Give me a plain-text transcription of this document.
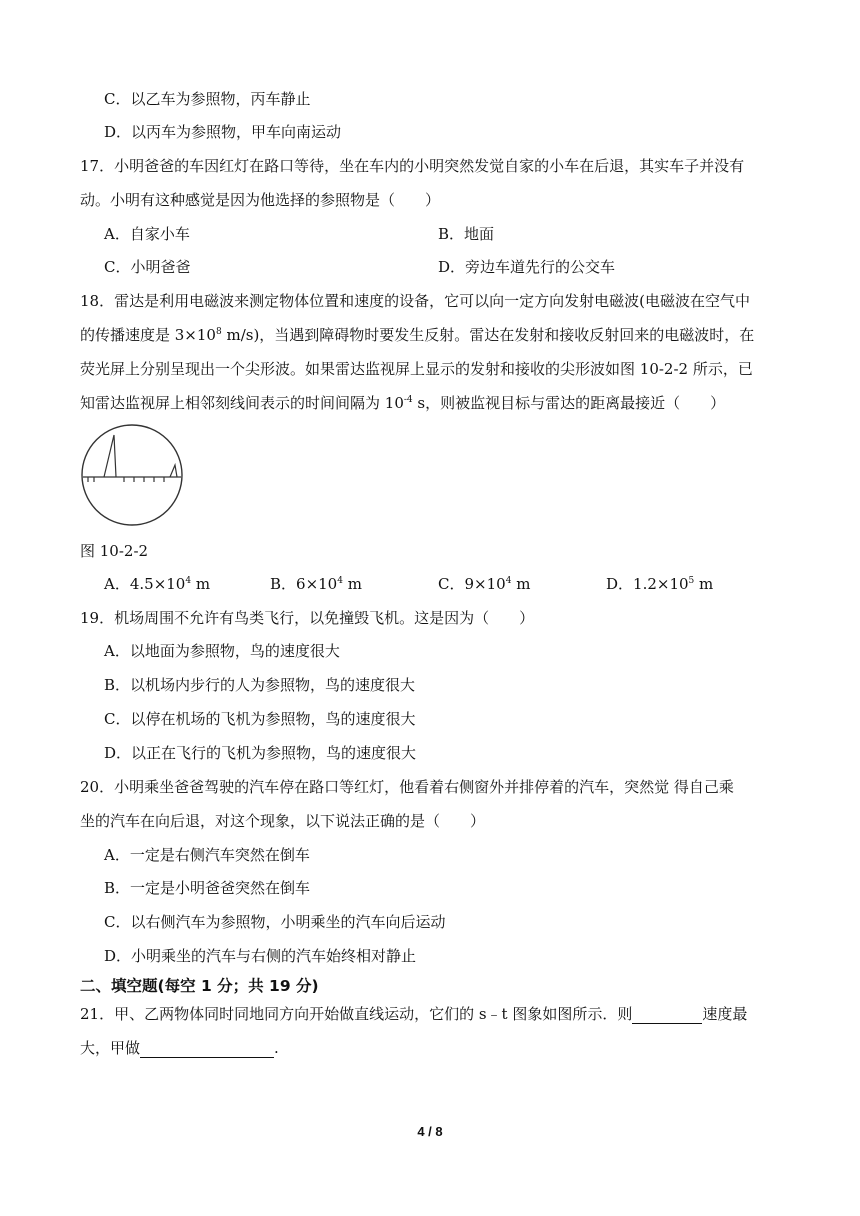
C．以乙车为参照物，丙车静止
D．以丙车为参照物，甲车向南运动
17．小明爸爸的车因红灯在路口等待，坐在车内的小明突然发觉自家的小车在后退，其实车子并没有
动。小明有这种感觉是因为他选择的参照物是（　　）
A．自家小车	B．地面
C．小明爸爸	D．旁边车道先行的公交车
18．雷达是利用电磁波来测定物体位置和速度的设备，它可以向一定方向发射电磁波(电磁波在空气中
的传播速度是 $3\times 10^8$ m/s)，当遇到障碍物时要发生反射。雷达在发射和接收反射回来的电磁波时，在
荧光屏上分别呈现出一个尖形波。如果雷达监视屏上显示的发射和接收的尖形波如图 10-2-2 所示，已
知雷达监视屏上相邻刻线间表示的时间间隔为 $10^{-4}$ s，则被监视目标与雷达的距离最接近（　　）
图 10-2-2
A．$4.5\times 10^4$ m	B．$6\times 10^4$ m	C．$9\times 10^4$ m	D．$1.2\times 10^5$ m
19．机场周围不允许有鸟类飞行，以免撞毁飞机。这是因为（　　）
A．以地面为参照物，鸟的速度很大
B．以机场内步行的人为参照物，鸟的速度很大
C．以停在机场的飞机为参照物，鸟的速度很大
D．以正在飞行的飞机为参照物，鸟的速度很大
20．小明乘坐爸爸驾驶的汽车停在路口等红灯，他看着右侧窗外并排停着的汽车，突然觉 得自己乘
坐的汽车在向后退，对这个现象，以下说法正确的是（　　）
A．一定是右侧汽车突然在倒车
B．一定是小明爸爸突然在倒车
C．以右侧汽车为参照物，小明乘坐的汽车向后运动
D．小明乘坐的汽车与右侧的汽车始终相对静止
二、填空题(每空 1 分；共 19 分)
21．甲、乙两物体同时同地同方向开始做直线运动，它们的 s﹣t 图象如图所示．则	速度最
大，甲做	.
4 / 8
